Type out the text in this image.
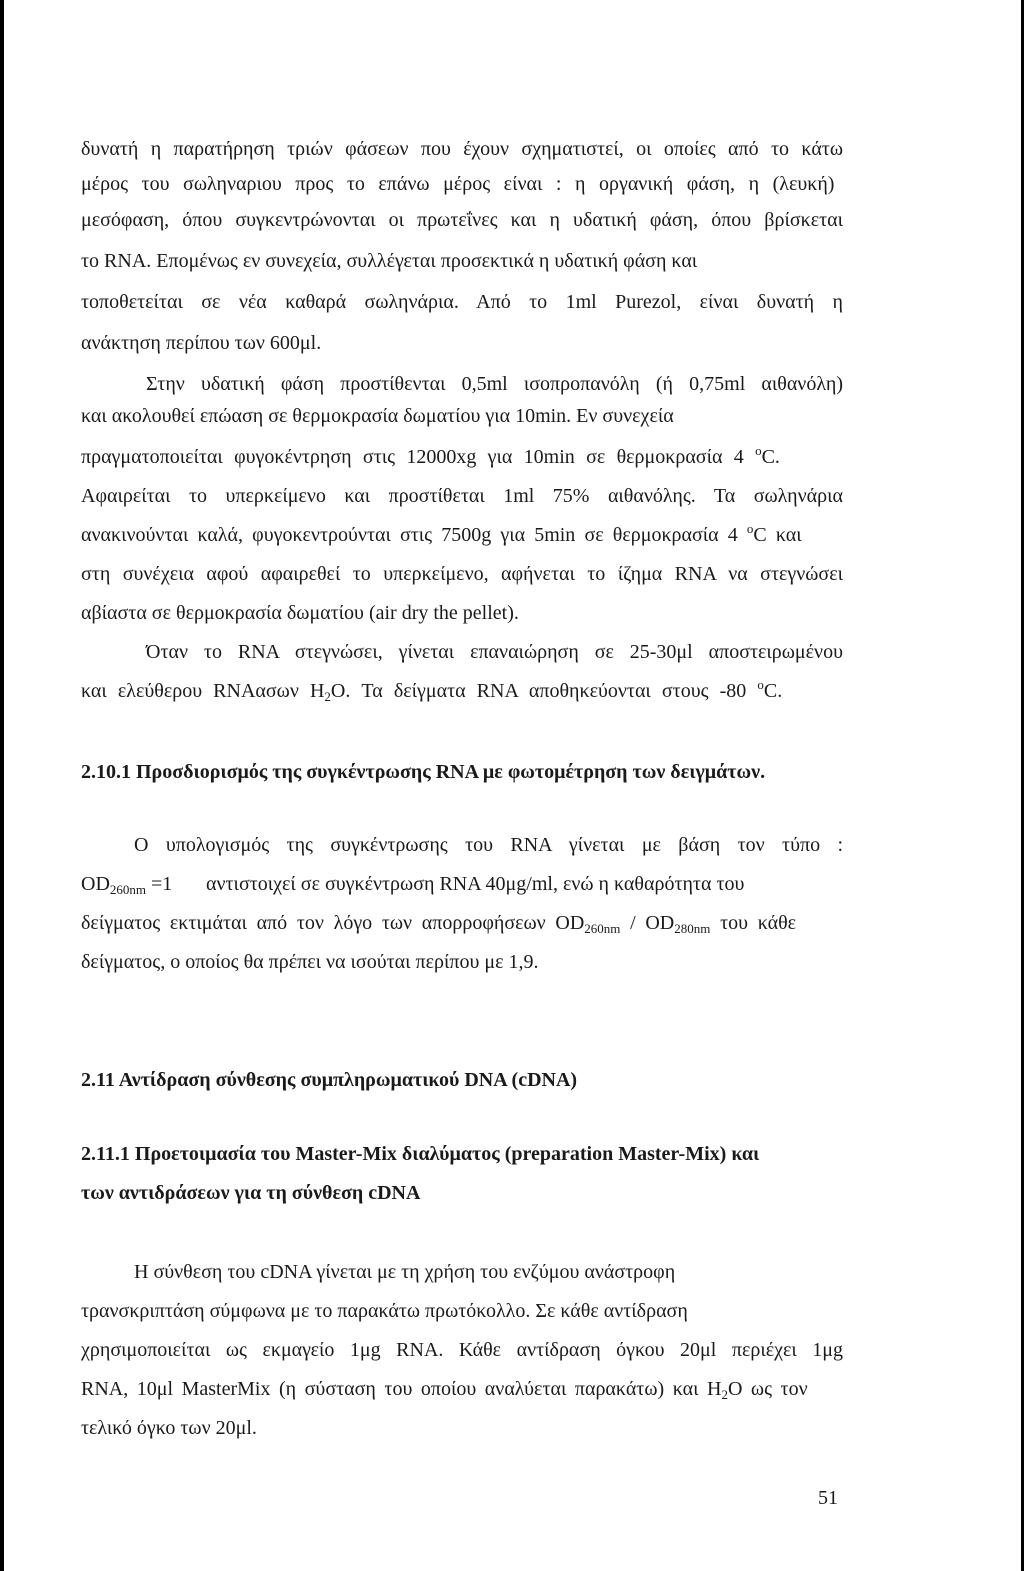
δυνατή η παρατήρηση τριών φάσεων που έχουν σχηματιστεί, οι οποίες από το κάτω
μέρος του σωληναριου προς το επάνω μέρος είναι : η οργανική φάση, η (λευκή)
μεσόφαση, όπου συγκεντρώνονται οι πρωτεΐνες και η υδατική φάση, όπου βρίσκεται
το RNA. Επομένως εν συνεχεία, συλλέγεται προσεκτικά η υδατική φάση και
τοποθετείται σε νέα καθαρά σωληνάρια. Από το 1ml Purezol, είναι δυνατή η
ανάκτηση περίπου των 600μl.
Στην υδατική φάση προστίθενται 0,5ml ισοπροπανόλη (ή 0,75ml αιθανόλη)
και ακολουθεί επώαση σε θερμοκρασία δωματίου για 10min. Εν συνεχεία
πραγματοποιείται φυγοκέντρηση στις 12000xg για 10min σε θερμοκρασία 4 $^o$C.
Αφαιρείται το υπερκείμενο και προστίθεται 1ml 75% αιθανόλης. Τα σωληνάρια
ανακινούνται καλά, φυγοκεντρούνται στις 7500g για 5min σε θερμοκρασία 4 $^o$C και
στη συνέχεια αφού αφαιρεθεί το υπερκείμενο, αφήνεται το ίζημα RNA να στεγνώσει
αβίαστα σε θερμοκρασία δωματίου (air dry the pellet).
Όταν το RNA στεγνώσει, γίνεται επαναιώρηση σε 25-30μl αποστειρωμένου
και ελεύθερου RNAασων $H_2O$. Τα δείγματα RNA αποθηκεύονται στους -80 $^o$C.
2.10.1 Προσδιορισμός της συγκέντρωσης RNA με φωτομέτρηση των δειγμάτων.
Ο υπολογισμός της συγκέντρωσης του RNA γίνεται με βάση τον τύπο :
$OD_{260nm} =1$ αντιστοιχεί σε συγκέντρωση RNA 40μg/ml, ενώ η καθαρότητα του
δείγματος εκτιμάται από τον λόγο των απορροφήσεων $OD_{260nm} / OD_{280nm}$ του κάθε
δείγματος, ο οποίος θα πρέπει να ισούται περίπου με 1,9.
2.11 Αντίδραση σύνθεσης συμπληρωματικού DNA (cDNA)
2.11.1 Προετοιμασία του Master-Mix διαλύματος (preparation Master-Mix) και
των αντιδράσεων για τη σύνθεση cDNA
Η σύνθεση του cDNA γίνεται με τη χρήση του ενζύμου ανάστροφη
τρανσκριπτάση σύμφωνα με το παρακάτω πρωτόκολλο. Σε κάθε αντίδραση
χρησιμοποιείται ως εκμαγείο 1μg RNA. Κάθε αντίδραση όγκου 20μl περιέχει 1μg
RNA, 10μl MasterMix (η σύσταση του οποίου αναλύεται παρακάτω) και $H_2O$ ως τον
τελικό όγκο των 20μl.
51
